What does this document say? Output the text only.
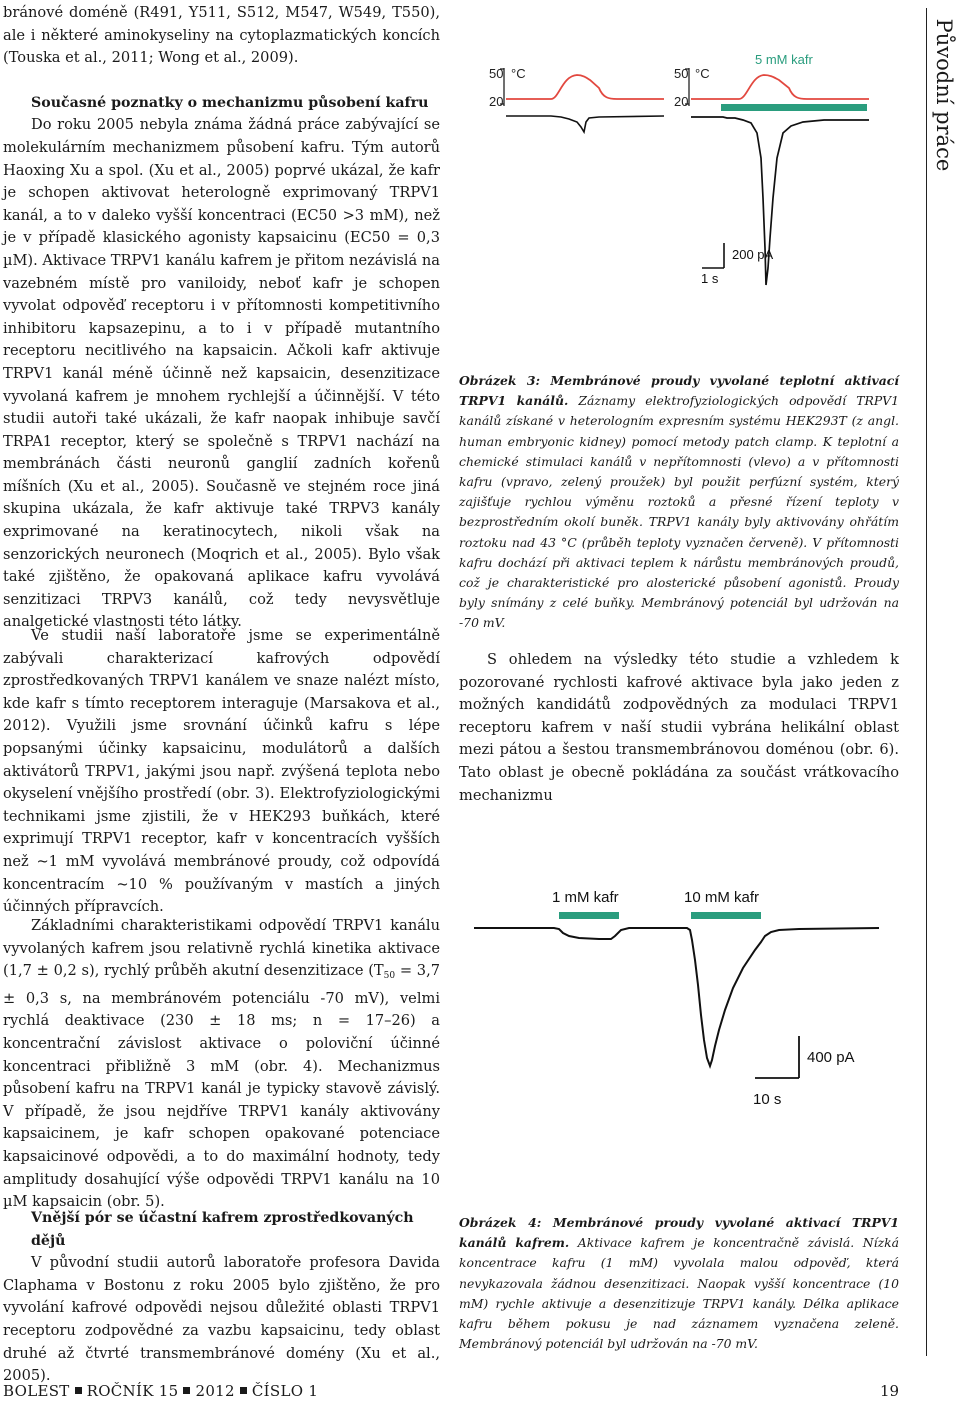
bránové doméně (R491, Y511, S512, M547, W549, T550), ale i některé aminokyseliny na cytoplazmatických koncích (Touska et al., 2011; Wong et al., 2009).

Současné poznatky o mechanizmu působení kafru

Do roku 2005 nebyla známa žádná práce zabývající se molekulárním mechanizmem působení kafru. Tým autorů Haoxing Xu a spol. (Xu et al., 2005) poprvé ukázal, že kafr je schopen aktivovat heterologně exprimovaný TRPV1 kanál, a to v daleko vyšší koncentraci (EC50 >3 mM), než je v případě klasického agonisty kapsaicinu (EC50 = 0,3 µM). Aktivace TRPV1 kanálu kafrem je přitom nezávislá na vazebném místě pro vaniloidy, neboť kafr je schopen vyvolat odpověď receptoru i v přítomnosti kompetitivního inhibitoru kapsazepinu, a to i v případě mutantního receptoru necitlivého na kapsaicin. Ačkoli kafr aktivuje TRPV1 kanál méně účinně než kapsaicin, desenzitizace vyvolaná kafrem je mnohem rychlejší a účinnější. V této studii autoři také ukázali, že kafr naopak inhibuje savčí TRPA1 receptor, který se společně s TRPV1 nachází na membránách části neuronů ganglií zadních kořenů míšních (Xu et al., 2005). Současně ve stejném roce jiná skupina ukázala, že kafr aktivuje také TRPV3 kanály exprimované na keratinocytech, nikoli však na senzorických neuronech (Moqrich et al., 2005). Bylo však také zjištěno, že opakovaná aplikace kafru vyvolává senzitizaci TRPV3 kanálů, což tedy nevysvětluje analgetické vlastnosti této látky.

Ve studii naší laboratoře jsme se experimentálně zabývali charakterizací kafrových odpovědí zprostředkovaných TRPV1 kanálem ve snaze nalézt místo, kde kafr s tímto receptorem interaguje (Marsakova et al., 2012). Využili jsme srovnání účinků kafru s lépe popsanými účinky kapsaicinu, modulátorů a dalších aktivátorů TRPV1, jakými jsou např. zvýšená teplota nebo okyselení vnějšího prostředí (obr. 3). Elektrofyziologickými technikami jsme zjistili, že v HEK293 buňkách, které exprimují TRPV1 receptor, kafr v koncentracích vyšších než ~1 mM vyvolává membránové proudy, což odpovídá koncentracím ~10 % používaným v mastích a jiných účinných přípravcích.

Základními charakteristikami odpovědí TRPV1 kanálu vyvolaných kafrem jsou relativně rychlá kinetika aktivace (1,7 ± 0,2 s), rychlý průběh akutní desenzitizace ($T_{50} = 3,7 \pm 0,3$ s, na membránovém potenciálu -70 mV), velmi rychlá deaktivace (230 ± 18 ms; n = 17–26) a koncentrační závislost aktivace o poloviční účinné koncentraci přibližně 3 mM (obr. 4). Mechanizmus působení kafru na TRPV1 kanál je typicky stavově závislý. V případě, že jsou nejdříve TRPV1 kanály aktivovány kapsaicinem, je kafr schopen opakované potenciace kapsaicinové odpovědi, a to do maximální hodnoty, tedy amplitudy dosahující výše odpovědi TRPV1 kanálu na 10 µM kapsaicin (obr. 5).

Vnější pór se účastní kafrem zprostředkovaných dějů

V původní studii autorů laboratoře profesora Davida Claphama v Bostonu z roku 2005 bylo zjištěno, že pro vyvolání kafrové odpovědi nejsou důležité oblasti TRPV1 receptoru zodpovědné za vazbu kapsaicinu, tedy oblast druhé až čtvrté transmembránové domény (Xu et al., 2005).

50 °C
20
50 °C
20
5 mM kafr
200 pA
1 s

Obrázek 3: Membránové proudy vyvolané teplotní aktivací TRPV1 kanálů. Záznamy elektrofyziologických odpovědí TRPV1 kanálů získané v heterologním expresním systému HEK293T (z angl. human embryonic kidney) pomocí metody patch clamp. K teplotní a chemické stimulaci kanálů v nepřítomnosti (vlevo) a v přítomnosti kafru (vpravo, zelený proužek) byl použit perfúzní systém, který zajišťuje rychlou výměnu roztoků a přesné řízení teploty v bezprostředním okolí buněk. TRPV1 kanály byly aktivovány ohřátím roztoku nad 43 °C (průběh teploty vyznačen červeně). V přítomnosti kafru dochází při aktivaci teplem k nárůstu membránových proudů, což je charakteristické pro alosterické působení agonistů. Proudy byly snímány z celé buňky. Membránový potenciál byl udržován na -70 mV.

S ohledem na výsledky této studie a vzhledem k pozorované rychlosti kafrové aktivace byla jako jeden z možných kandidátů zodpovědných za modulaci TRPV1 receptoru kafrem v naší studii vybrána helikální oblast mezi pátou a šestou transmembránovou doménou (obr. 6). Tato oblast je obecně pokládána za součást vrátkovacího mechanizmu

1 mM kafr	10 mM kafr
400 pA
10 s

Obrázek 4: Membránové proudy vyvolané aktivací TRPV1 kanálů kafrem. Aktivace kafrem je koncentračně závislá. Nízká koncentrace kafru (1 mM) vyvolala malou odpověď, která nevykazovala žádnou desenzitizaci. Naopak vyšší koncentrace (10 mM) rychle aktivuje a desenzitizuje TRPV1 kanály. Délka aplikace kafru během pokusu je nad záznamem vyznačena zeleně. Membránový potenciál byl udržován na -70 mV.

Původní práce
BOLEST ROČNÍK 15 2012 ČÍSLO 1	19
